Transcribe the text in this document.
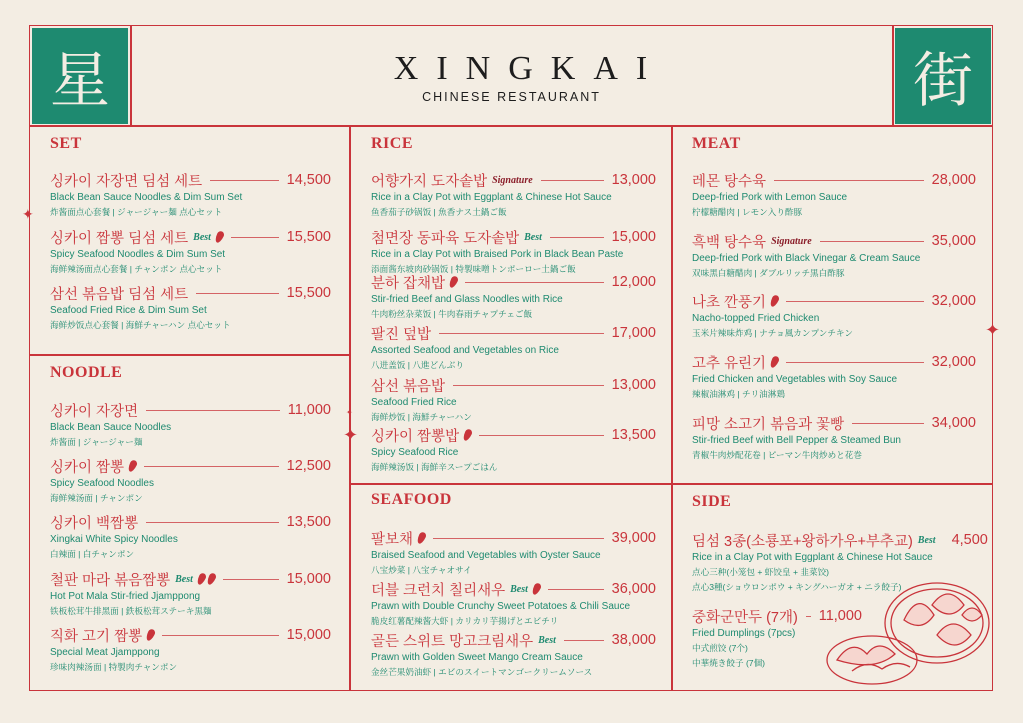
星	街
XINGKAI
CHINESE RESTAURANT
SET
NOODLE
RICE
SEAFOOD
MEAT
SIDE
싱카이 자장면 딤섬 세트	14,500
Black Bean Sauce Noodles & Dim Sum Set
炸酱面点心套餐 | ジャージャー麺 点心セット
싱카이 짬뽕 딤섬 세트 Best	15,500
Spicy Seafood Noodles & Dim Sum Set
海鲜辣汤面点心套餐 | チャンポン 点心セット
삼선 볶음밥 딤섬 세트	15,500
Seafood Fried Rice & Dim Sum Set
海鲜炒饭点心套餐 | 海鮮チャーハン 点心セット
싱카이 자장면	11,000
Black Bean Sauce Noodles
炸酱面 | ジャージャー麺
싱카이 짬뽕	12,500
Spicy Seafood Noodles
海鲜辣汤面 | チャンポン
싱카이 백짬뽕	13,500
Xingkai White Spicy Noodles
白辣面 | 白チャンポン
철판 마라 볶음짬뽕 Best	15,000
Hot Pot Mala Stir-fried Jjamppong
铁板松茸牛排黑面 | 鉄板松茸ステーキ黒麺
직화 고기 짬뽕	15,000
Special Meat Jjamppong
珍味肉辣汤面 | 特製肉チャンポン
어향가지 도자솥밥 Signature	13,000
Rice in a Clay Pot with Eggplant & Chinese Hot Sauce
鱼香茄子砂锅饭 | 魚香ナス土鍋ご飯
첨면장 동파육 도자솥밥 Best	15,000
Rice in a Clay Pot with Braised Pork in Black Bean Paste
添面酱东坡肉砂锅饭 | 特製味噌トンポーロー土鍋ご飯
분하 잡채밥	12,000
Stir-fried Beef and Glass Noodles with Rice
牛肉粉丝杂菜饭 | 牛肉春雨チャプチェご飯
팔진 덮밥	17,000
Assorted Seafood and Vegetables on Rice
八进盖饭 | 八進どんぶり
삼선 볶음밥	13,000
Seafood Fried Rice
海鲜炒饭 | 海鮮チャーハン
싱카이 짬뽕밥	13,500
Spicy Seafood Rice
海鲜辣汤饭 | 海鮮辛スープごはん
팔보채	39,000
Braised Seafood and Vegetables with Oyster Sauce
八宝炒菜 | 八宝チャオサイ
더블 크런치 칠리새우 Best	36,000
Prawn with Double Crunchy Sweet Potatoes & Chili Sauce
脆皮红薯配辣酱大虾 | カリカリ芋揚げとエビチリ
골든 스위트 망고크림새우 Best	38,000
Prawn with Golden Sweet Mango Cream Sauce
金丝芒果奶油虾 | エビのスイートマンゴークリームソース
레몬 탕수육	28,000
Deep-fried Pork with Lemon Sauce
柠檬糖醋肉 | レモン入り酢豚
흑백 탕수육 Signature	35,000
Deep-fried Pork with Black Vinegar & Cream Sauce
双味黑白糖醋肉 | ダブルリッチ黒白酢豚
나초 깐풍기	32,000
Nacho-topped Fried Chicken
玉米片辣味炸鸡 | ナチョ風カンプンチキン
고추 유린기	32,000
Fried Chicken and Vegetables with Soy Sauce
辣椒油淋鸡 | チリ油淋鶏
피망 소고기 볶음과 꽃빵	34,000
Stir-fried Beef with Bell Pepper & Steamed Bun
青椒牛肉炒配花卷 | ピーマン牛肉炒めと花巻
딤섬 3종(소룡포+왕하가우+부추교) Best 4,500
Rice in a Clay Pot with Eggplant & Chinese Hot Sauce
点心三种(小笼包 + 虾饺皇 + 韭菜饺)
点心3種(ショウロンポウ + キングハーガオ + ニラ餃子)
중화군만두 (7개) 11,000
Fried Dumplings (7pcs)
中式煎饺 (7个)
中華焼き餃子 (7個)
✦
✦
✦
✦
